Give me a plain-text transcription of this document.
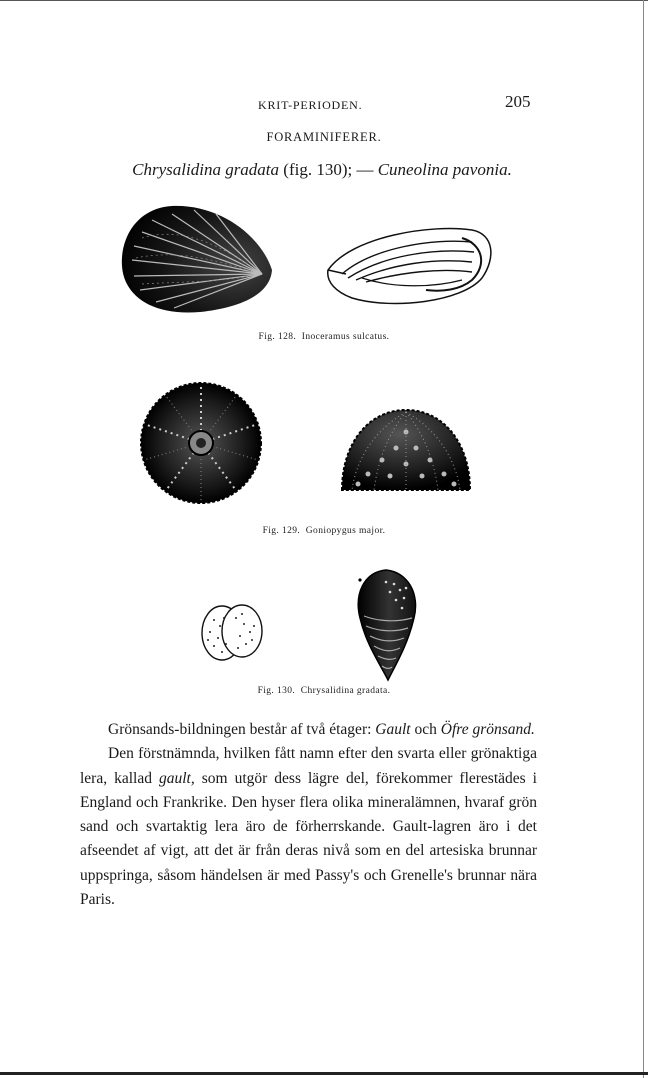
KRIT-PERIODEN.	205
FORAMINIFERER.
Chrysalidina gradata (fig. 130); — Cuneolina pavonia.
Fig. 128. Inoceramus sulcatus.
Fig. 129. Goniopygus major.
Fig. 130. Chrysalidina gradata.

Grönsands-bildningen består af två étager: Gault och Öfre grönsand.

Den förstnämnda, hvilken fått namn efter den svarta eller grönaktiga lera, kallad gault, som utgör dess lägre del, förekommer flerestädes i England och Frankrike. Den hyser flera olika mineralämnen, hvaraf grön sand och svartaktig lera äro de förherrskande. Gault-lagren äro i det afseendet af vigt, att det är från deras nivå som en del artesiska brunnar uppspringa, såsom händelsen är med Passy's och Grenelle's brunnar nära Paris.
